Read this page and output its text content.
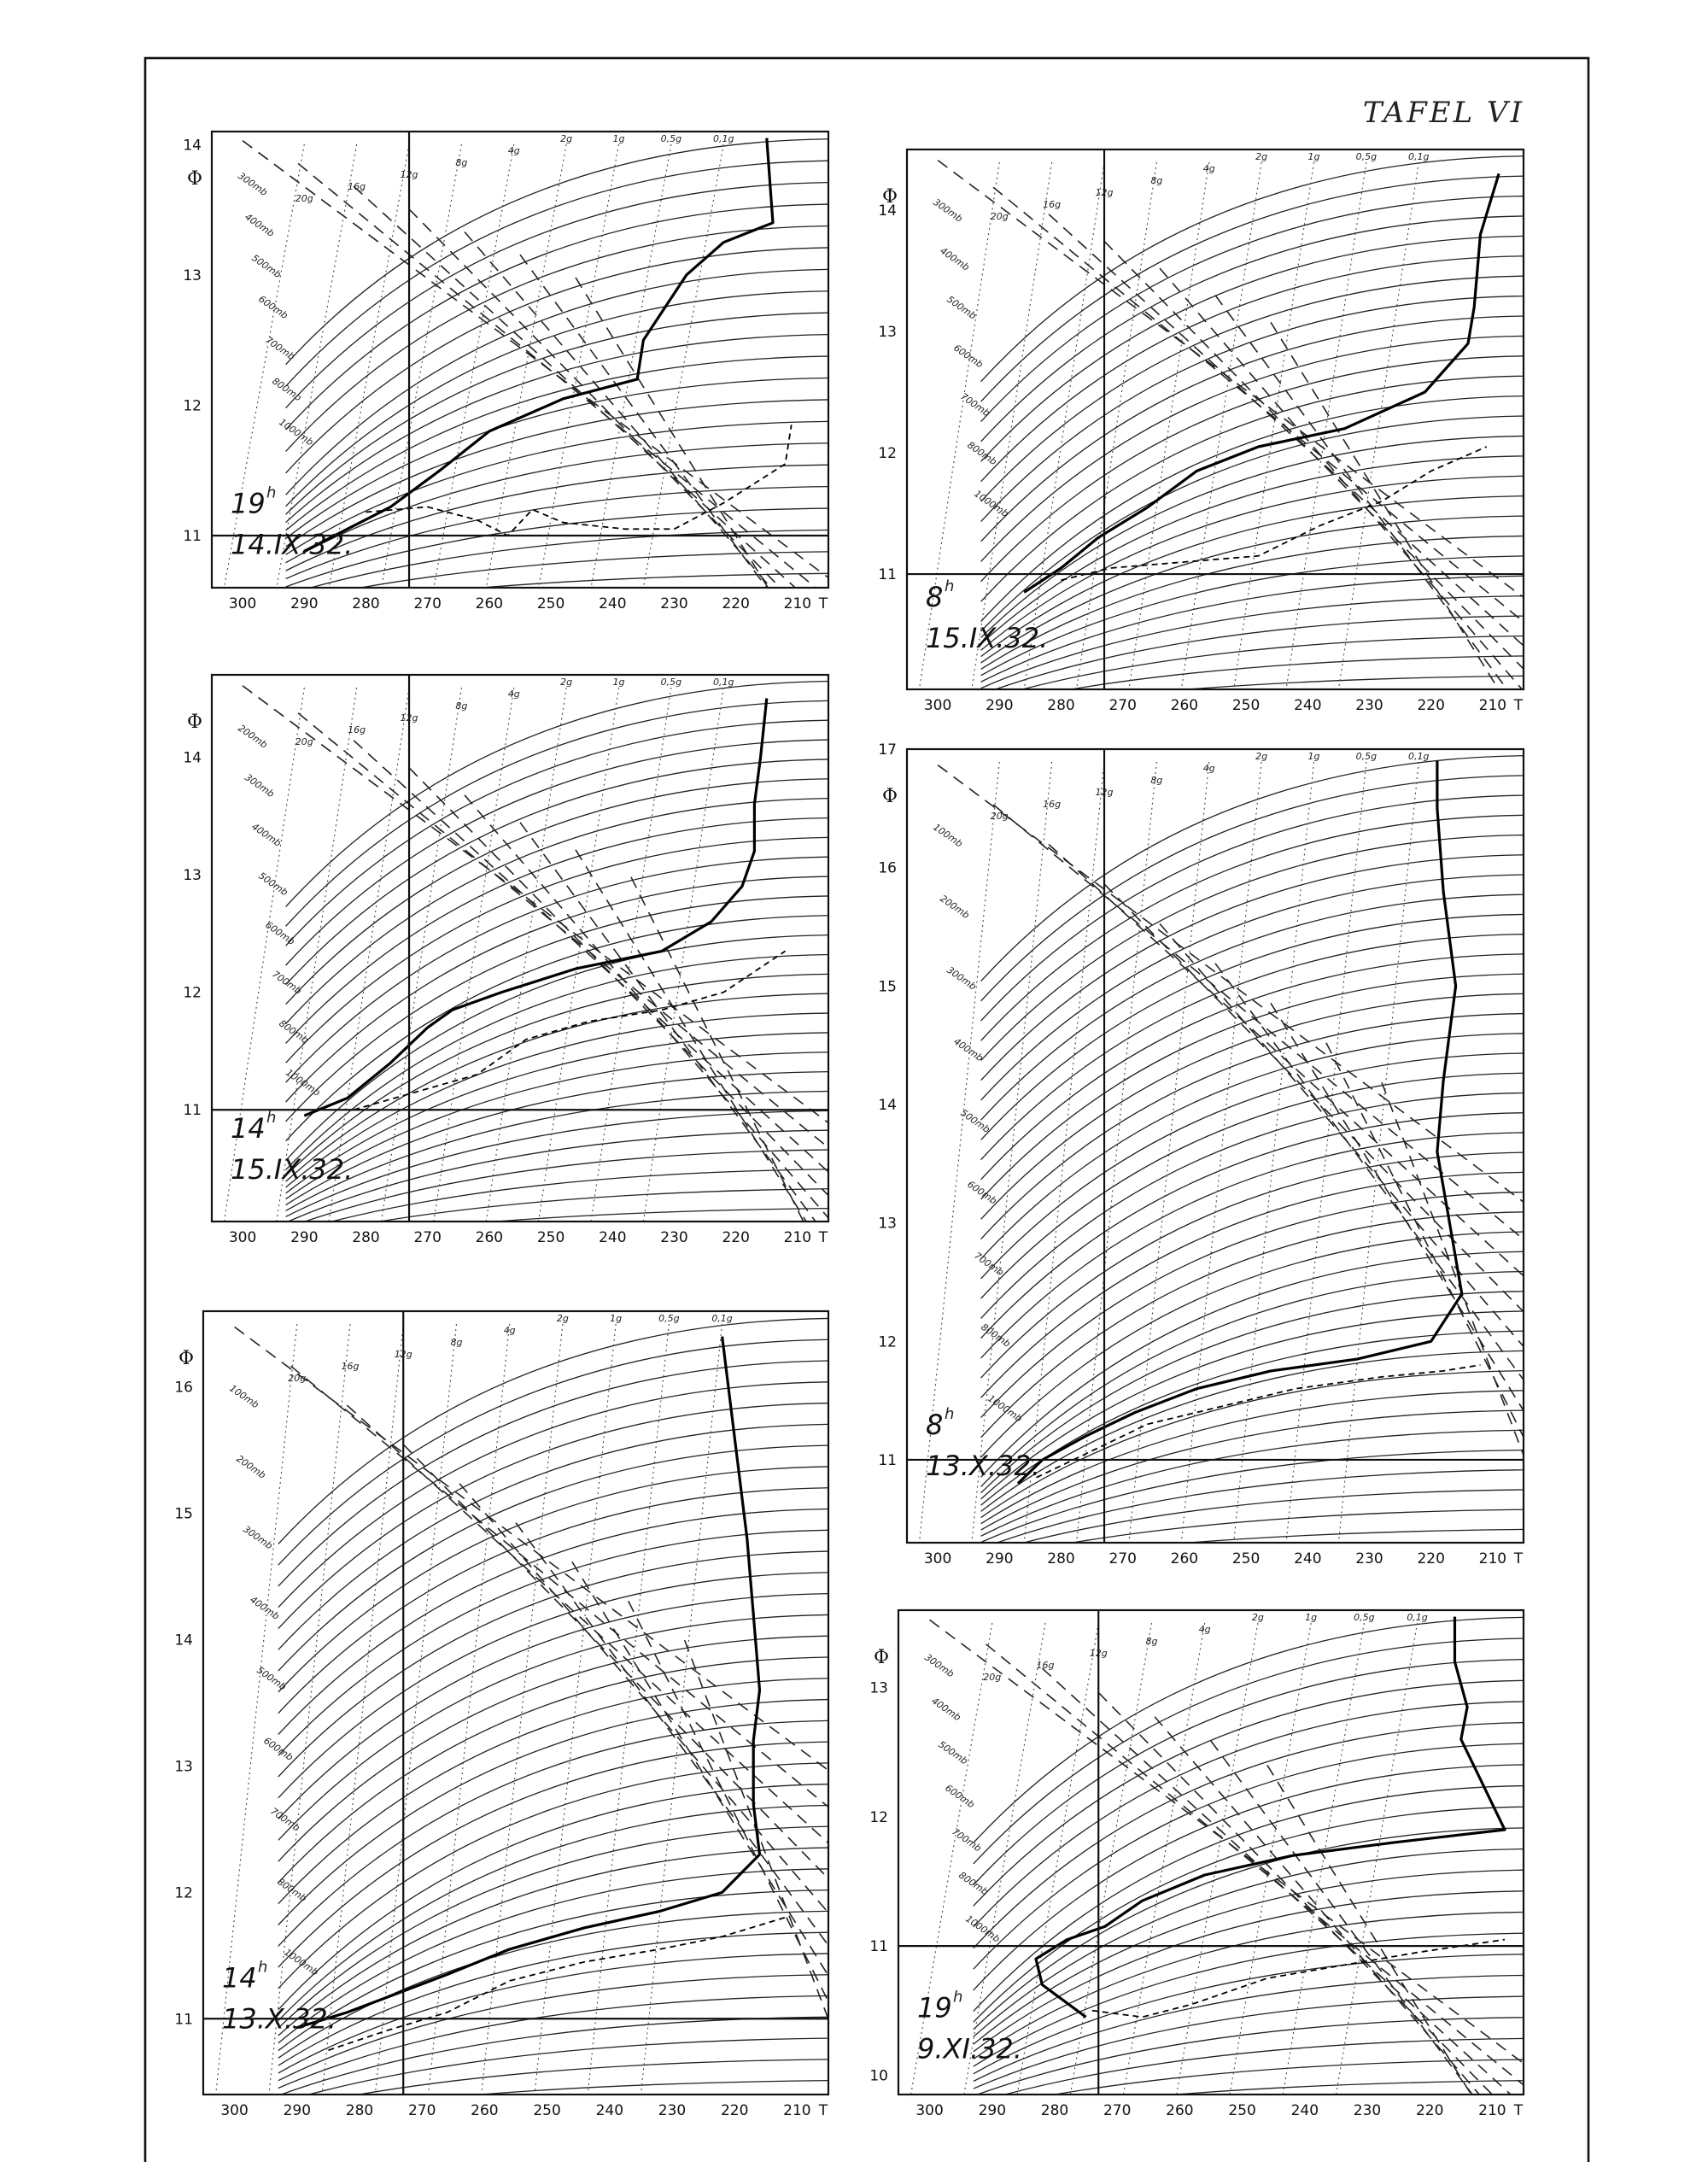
TAFEL VI
300 290 280 270 260 250 240 230 220 210 T
11
12
13
14
Φ	300mb
400mb
500mb
600mb
700mb
800mb
1000mb
0,1g
0,5g
1g
2g
4g
8g
12g
16g
20g
19 h
14.IX.32.
300 290 280 270 260 250 240 230 220 210 T
11
12
13
14
Φ	300mb
400mb
500mb
600mb
700mb
800mb
1000mb
0,1g
0,5g
1g
2g
4g
8g
12g
16g
20g
8 h
15.IX.32.
300 290 280 270 260 250 240 230 220 210 T
11
12
13
14
Φ
200mb
300mb
400mb
500mb
600mb
700mb
800mb
1000mb
0,1g
0,5g
1g
2g
4g
8g
12g
16g
20g
14 h
15.IX.32.
300 290 280 270 260 250 240 230 220 210 T
11
12
13
14
15
16
17
Φ
100mb
200mb
300mb
400mb
500mb
600mb
700mb
800mb
1000mb
0,1g
0,5g
1g
2g
4g
8g
12g
16g
20g
8 h
13.X.32.
300 290 280 270 260 250 240 230 220 210 T
11
12
13
14
15
16
Φ
100mb
200mb
300mb
400mb
500mb
600mb
700mb
800mb
1000mb
0,1g
0,5g
1g
2g
4g
8g
12g
16g
20g
14 h
13.X.32.
300 290 280 270 260 250 240 230 220 210 T
10
11
12
13
Φ	300mb
400mb
500mb
600mb
700mb
800mb
1000mb
0,1g
0,5g
1g
2g
4g
8g
12g
16g
20g
19 h
9.XI.32.
